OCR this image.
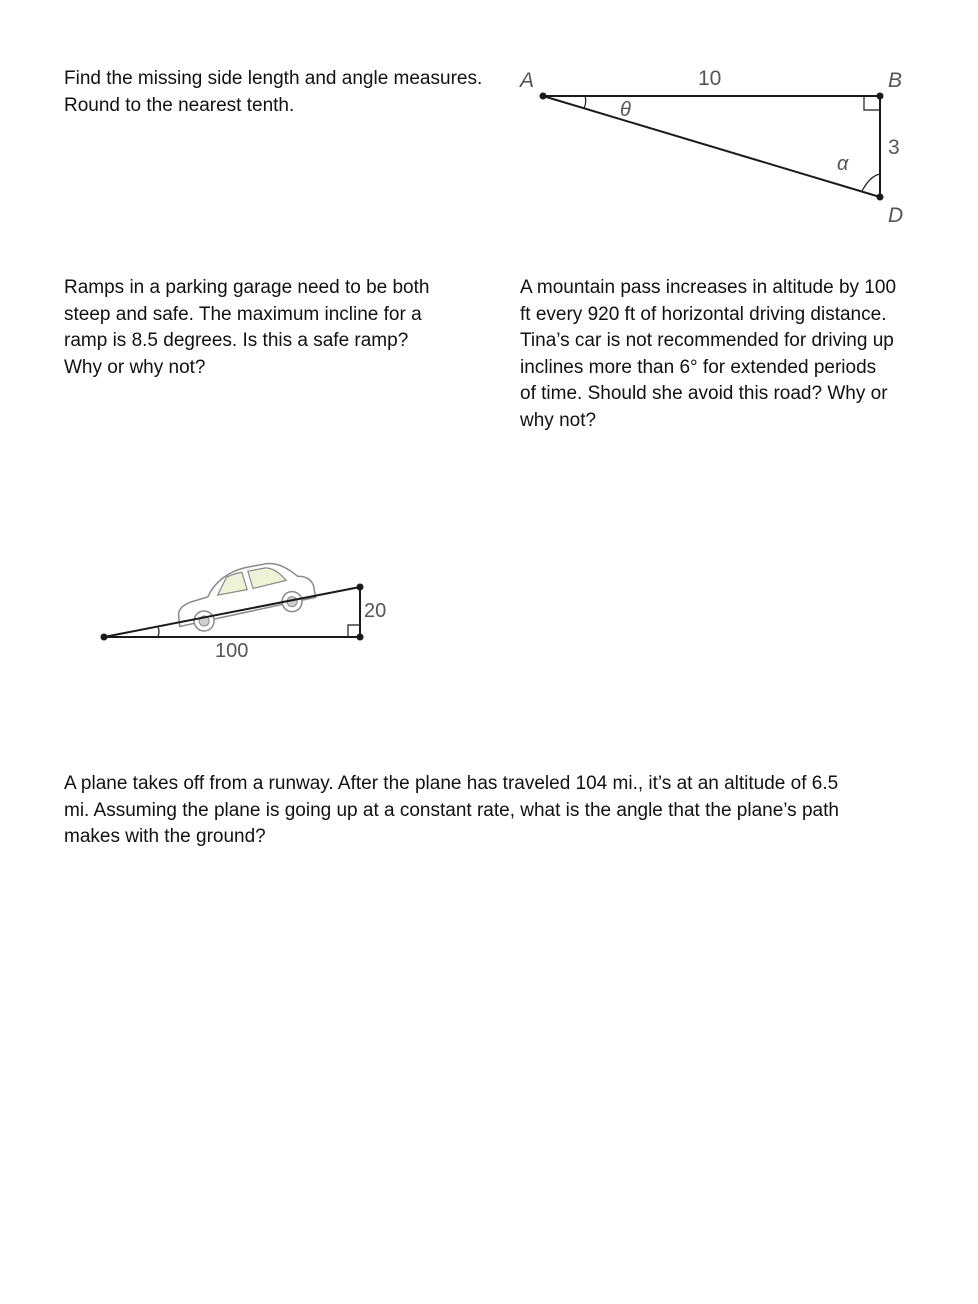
Find the missing side length and angle measures.
Round to the nearest tenth.
A	B
D
10
3
θ
α
Ramps in a parking garage need to be both
steep and safe. The maximum incline for a
ramp is 8.5 degrees. Is this a safe ramp?
Why or why not?
A mountain pass increases in altitude by 100
ft every 920 ft of horizontal driving distance.
Tina’s car is not recommended for driving up
inclines more than 6° for extended periods
of time. Should she avoid this road? Why or
why not?
20
100
A plane takes off from a runway. After the plane has traveled 104 mi., it’s at an altitude of 6.5
mi. Assuming the plane is going up at a constant rate, what is the angle that the plane’s path
makes with the ground?
